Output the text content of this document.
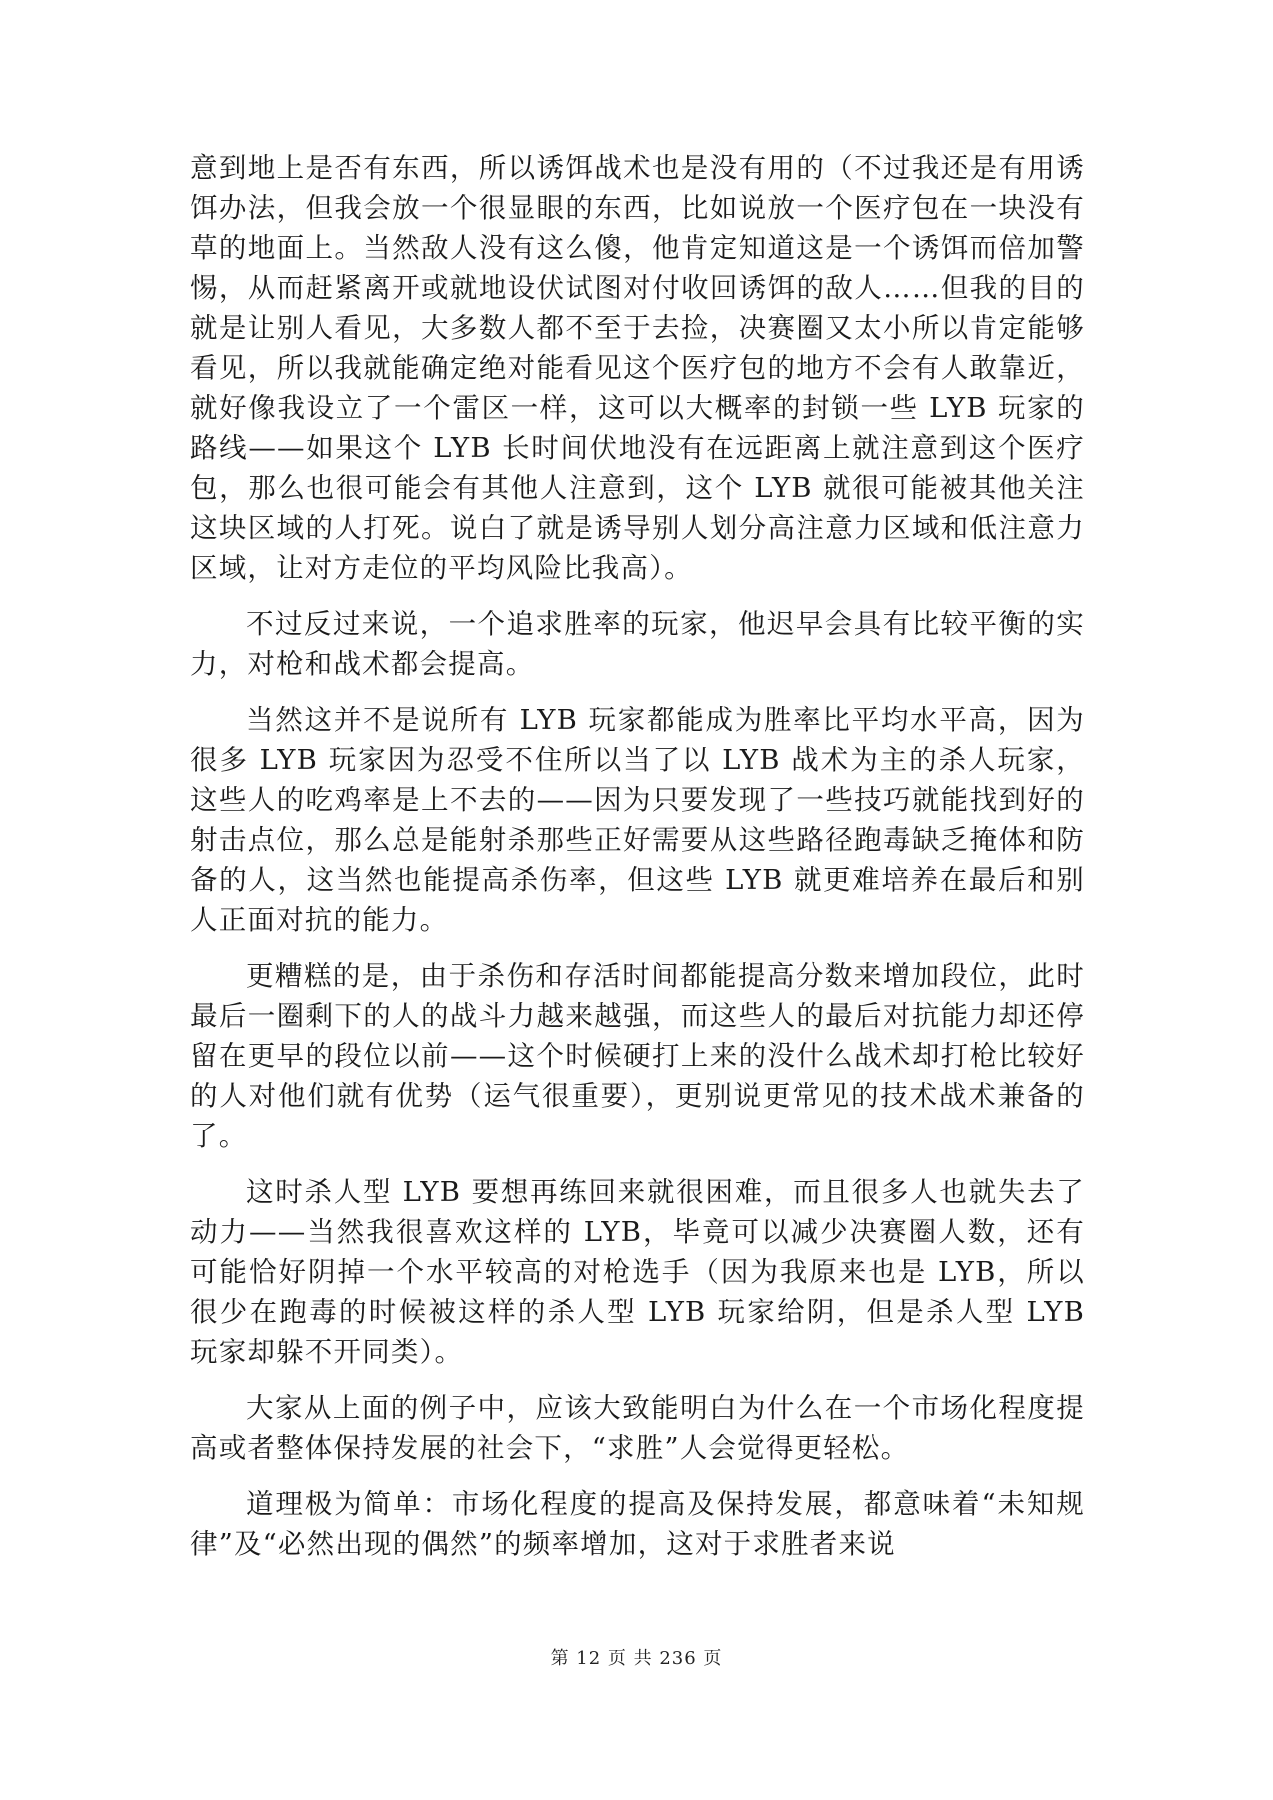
意到地上是否有东西，所以诱饵战术也是没有用的（不过我还是有用诱饵办法，但我会放一个很显眼的东西，比如说放一个医疗包在一块没有草的地面上。当然敌人没有这么傻，他肯定知道这是一个诱饵而倍加警惕，从而赶紧离开或就地设伏试图对付收回诱饵的敌人……但我的目的就是让别人看见，大多数人都不至于去捡，决赛圈又太小所以肯定能够看见，所以我就能确定绝对能看见这个医疗包的地方不会有人敢靠近，就好像我设立了一个雷区一样，这可以大概率的封锁一些 LYB 玩家的路线——如果这个 LYB 长时间伏地没有在远距离上就注意到这个医疗包，那么也很可能会有其他人注意到，这个 LYB 就很可能被其他关注这块区域的人打死。说白了就是诱导别人划分高注意力区域和低注意力区域，让对方走位的平均风险比我高）。

不过反过来说，一个追求胜率的玩家，他迟早会具有比较平衡的实力，对枪和战术都会提高。

当然这并不是说所有 LYB 玩家都能成为胜率比平均水平高，因为很多 LYB 玩家因为忍受不住所以当了以 LYB 战术为主的杀人玩家，这些人的吃鸡率是上不去的——因为只要发现了一些技巧就能找到好的射击点位，那么总是能射杀那些正好需要从这些路径跑毒缺乏掩体和防备的人，这当然也能提高杀伤率，但这些 LYB 就更难培养在最后和别人正面对抗的能力。

更糟糕的是，由于杀伤和存活时间都能提高分数来增加段位，此时最后一圈剩下的人的战斗力越来越强，而这些人的最后对抗能力却还停留在更早的段位以前——这个时候硬打上来的没什么战术却打枪比较好的人对他们就有优势（运气很重要），更别说更常见的技术战术兼备的了。

这时杀人型 LYB 要想再练回来就很困难，而且很多人也就失去了动力——当然我很喜欢这样的 LYB，毕竟可以减少决赛圈人数，还有可能恰好阴掉一个水平较高的对枪选手（因为我原来也是 LYB，所以很少在跑毒的时候被这样的杀人型 LYB 玩家给阴，但是杀人型 LYB 玩家却躲不开同类）。

大家从上面的例子中，应该大致能明白为什么在一个市场化程度提高或者整体保持发展的社会下，“求胜”人会觉得更轻松。

道理极为简单：市场化程度的提高及保持发展，都意味着“未知规律”及“必然出现的偶然”的频率增加，这对于求胜者来说

第 12 页 共 236 页
